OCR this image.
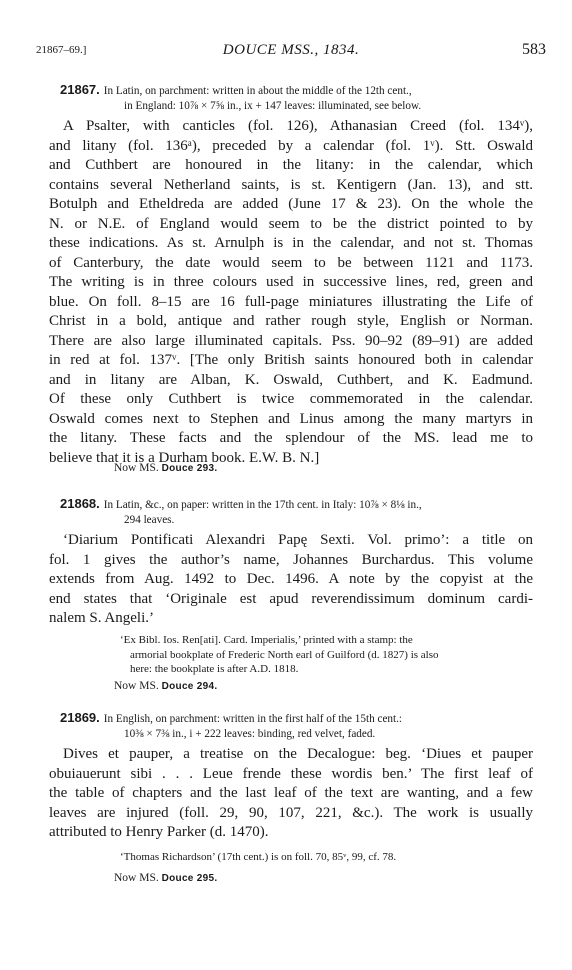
21867–69.]	DOUCE MSS., 1834.	583
21867. In Latin, on parchment: written in about the middle of the 12th cent.,
in England: 10⅞ × 7⅝ in., ix + 147 leaves: illuminated, see below.
A Psalter, with canticles (fol. 126), Athanasian Creed (fol. 134ᵛ),
and litany (fol. 136ᵃ), preceded by a calendar (fol. 1ᵛ). Stt. Oswald
and Cuthbert are honoured in the litany: in the calendar, which
contains several Netherland saints, is st. Kentigern (Jan. 13), and stt.
Botulph and Etheldreda are added (June 17 & 23). On the whole the
N. or N.E. of England would seem to be the district pointed to by
these indications. As st. Arnulph is in the calendar, and not st. Thomas
of Canterbury, the date would seem to be between 1121 and 1173.
The writing is in three colours used in successive lines, red, green and
blue. On foll. 8–15 are 16 full-page miniatures illustrating the Life of
Christ in a bold, antique and rather rough style, English or Norman.
There are also large illuminated capitals. Pss. 90–92 (89–91) are added
in red at fol. 137ᵛ. [The only British saints honoured both in calendar
and in litany are Alban, K. Oswald, Cuthbert, and K. Eadmund.
Of these only Cuthbert is twice commemorated in the calendar.
Oswald comes next to Stephen and Linus among the many martyrs in
the litany. These facts and the splendour of the MS. lead me to
believe that it is a Durham book. E.W. B. N.]
Now MS. Douce 293.
21868. In Latin, &c., on paper: written in the 17th cent. in Italy: 10⅞ × 8⅛ in.,
294 leaves.
‘Diarium Pontificati Alexandri Papę Sexti. Vol. primo’: a title on
fol. 1 gives the author’s name, Johannes Burchardus. This volume
extends from Aug. 1492 to Dec. 1496. A note by the copyist at the
end states that ‘Originale est apud reverendissimum dominum cardi-
nalem S. Angeli.’
‘Ex Bibl. Ios. Ren[ati]. Card. Imperialis,’ printed with a stamp: the
armorial bookplate of Frederic North earl of Guilford (d. 1827) is also
here: the bookplate is after A.D. 1818.
Now MS. Douce 294.
21869. In English, on parchment: written in the first half of the 15th cent.:
10⅜ × 7⅜ in., i + 222 leaves: binding, red velvet, faded.
Dives et pauper, a treatise on the Decalogue: beg. ‘Diues et pauper
obuiauerunt sibi . . . Leue frende these wordis ben.’ The first leaf of
the table of chapters and the last leaf of the text are wanting, and a few
leaves are injured (foll. 29, 90, 107, 221, &c.). The work is usually
attributed to Henry Parker (d. 1470).
‘Thomas Richardson’ (17th cent.) is on foll. 70, 85ᵛ, 99, cf. 78.
Now MS. Douce 295.
